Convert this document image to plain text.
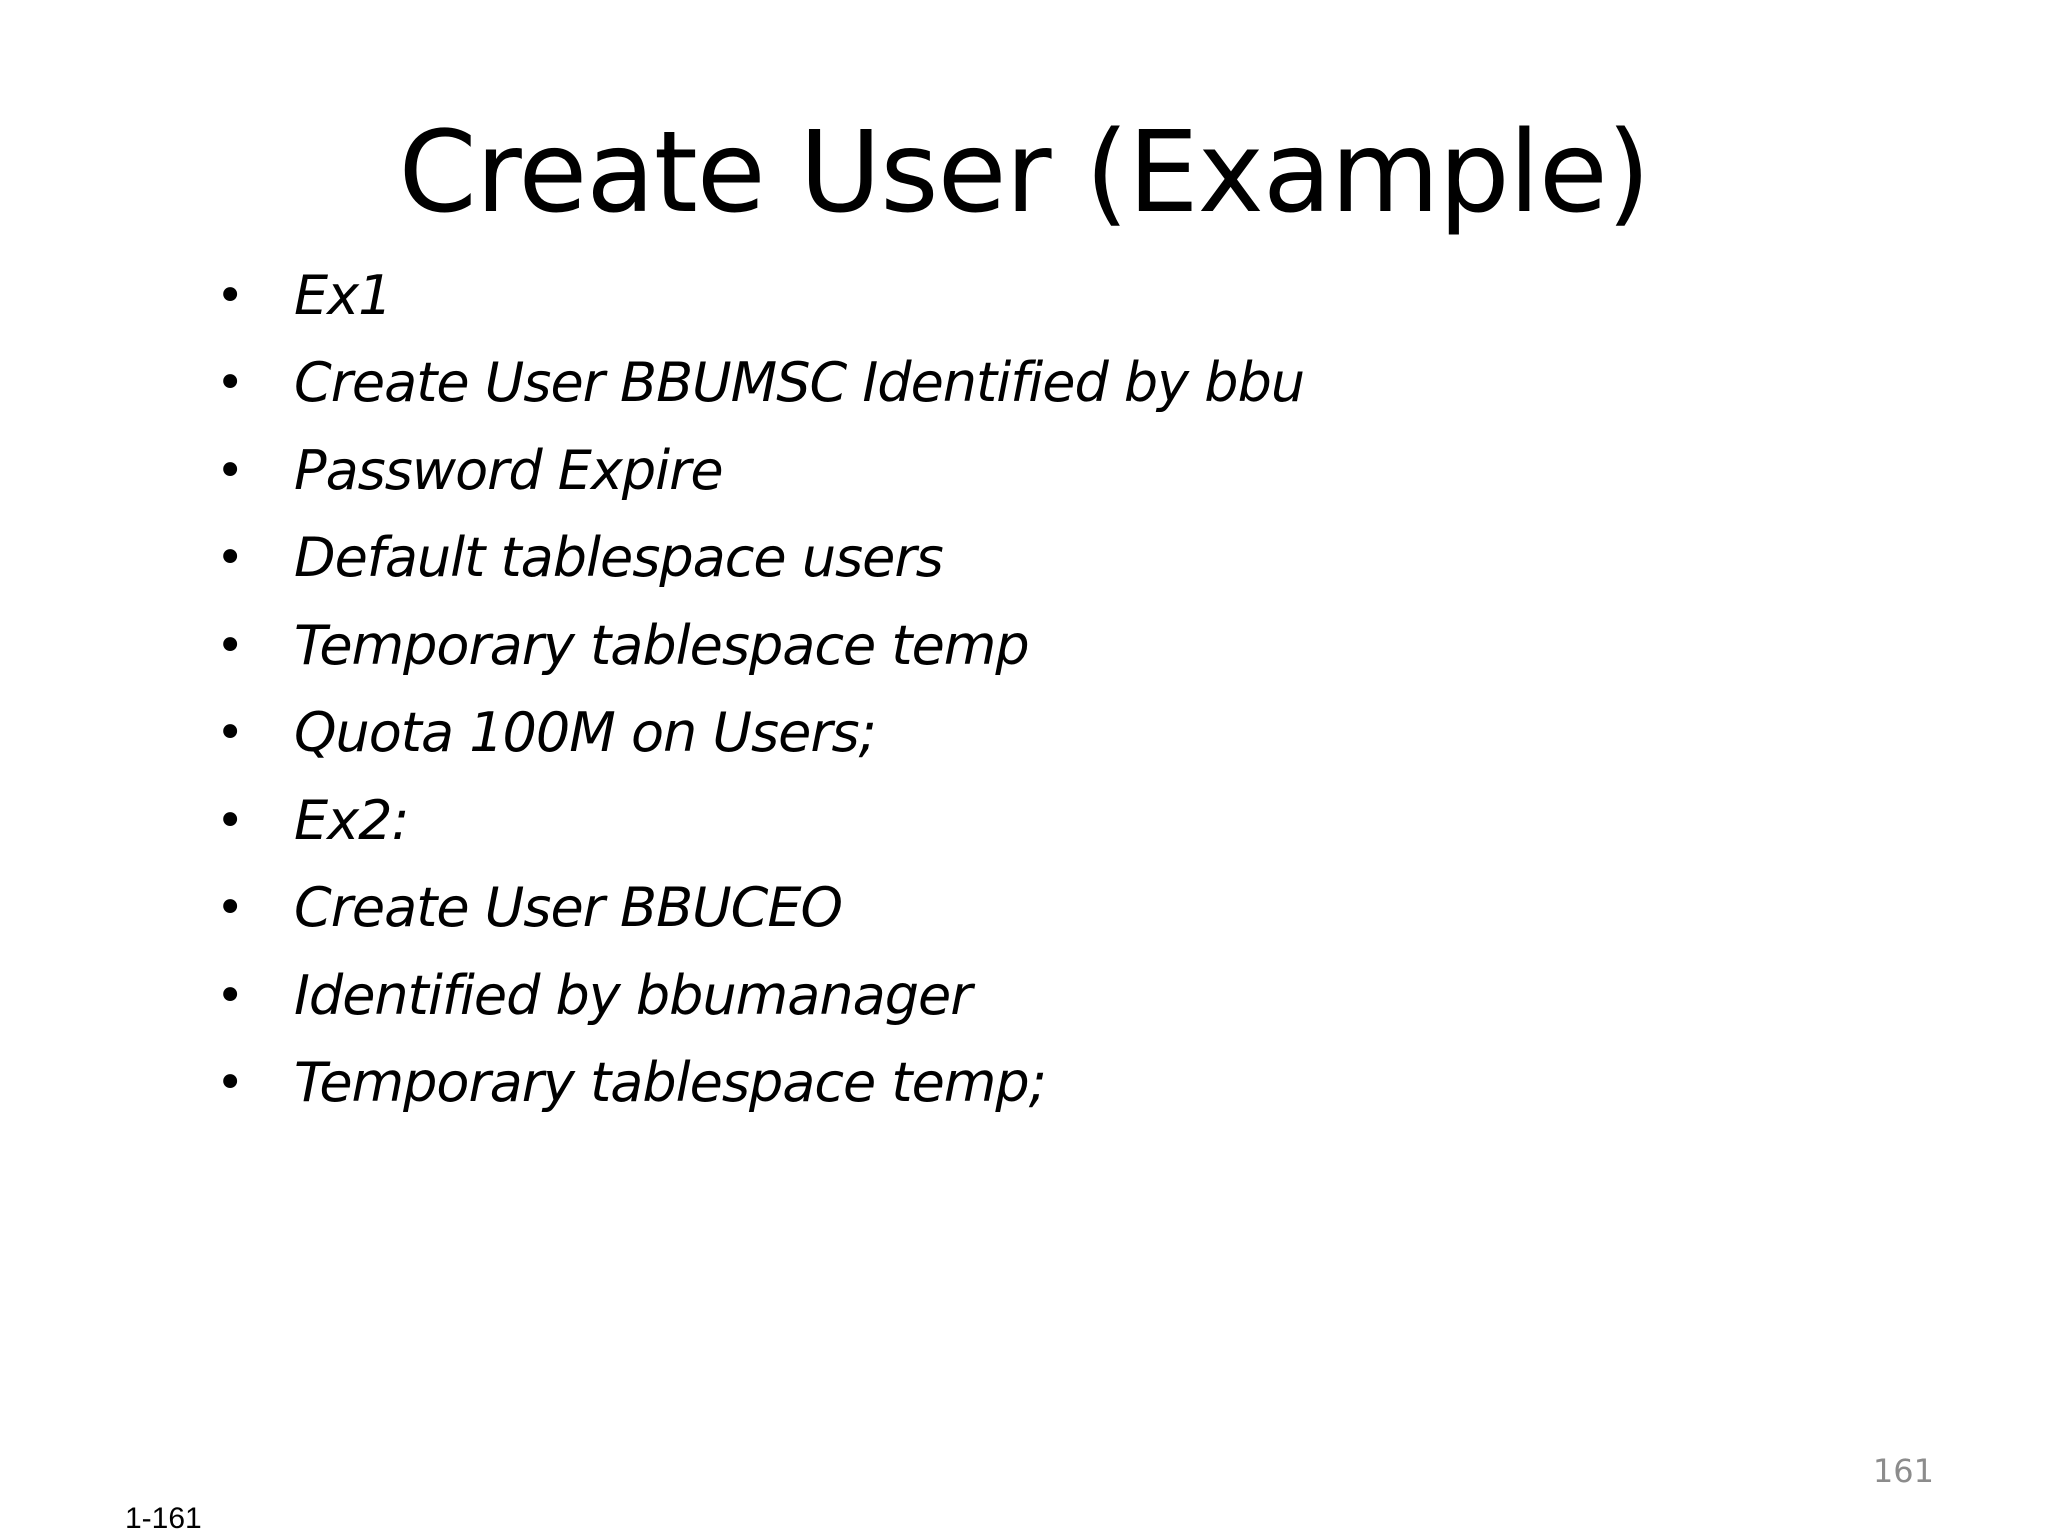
Create User (Example)
• Ex1
• Create User BBUMSC Identified by bbu
• Password Expire
• Default tablespace users
• Temporary tablespace temp
• Quota 100M on Users;
• Ex2:
• Create User BBUCEO
• Identified by bbumanager
• Temporary tablespace temp;
161
1-161
